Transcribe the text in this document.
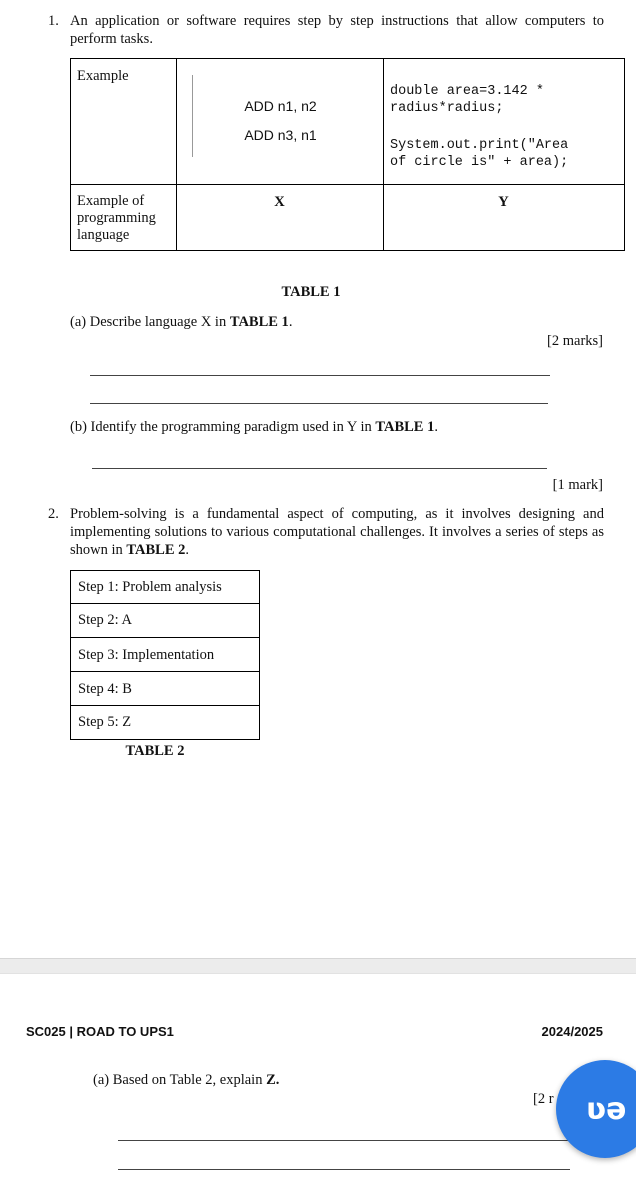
1. An application or software requires step by step instructions that allow computers to perform tasks.
Example
ADD n1, n2
ADD n3, n1
double area=3.142 *
radius*radius;
System.out.print("Area
of circle is" + area);
Example of programming language
X	Y
TABLE 1
(a) Describe language X in TABLE 1.
[2 marks]
(b) Identify the programming paradigm used in Y in TABLE 1.
[1 mark]
2. Problem-solving is a fundamental aspect of computing, as it involves designing and implementing solutions to various computational challenges. It involves a series of steps as shown in TABLE 2.
Step 1: Problem analysis
Step 2: A
Step 3: Implementation
Step 4: B
Step 5: Z
TABLE 2
SC025 | ROAD TO UPS1	2024/2025
(a) Based on Table 2, explain Z.
[2 r ʋə
